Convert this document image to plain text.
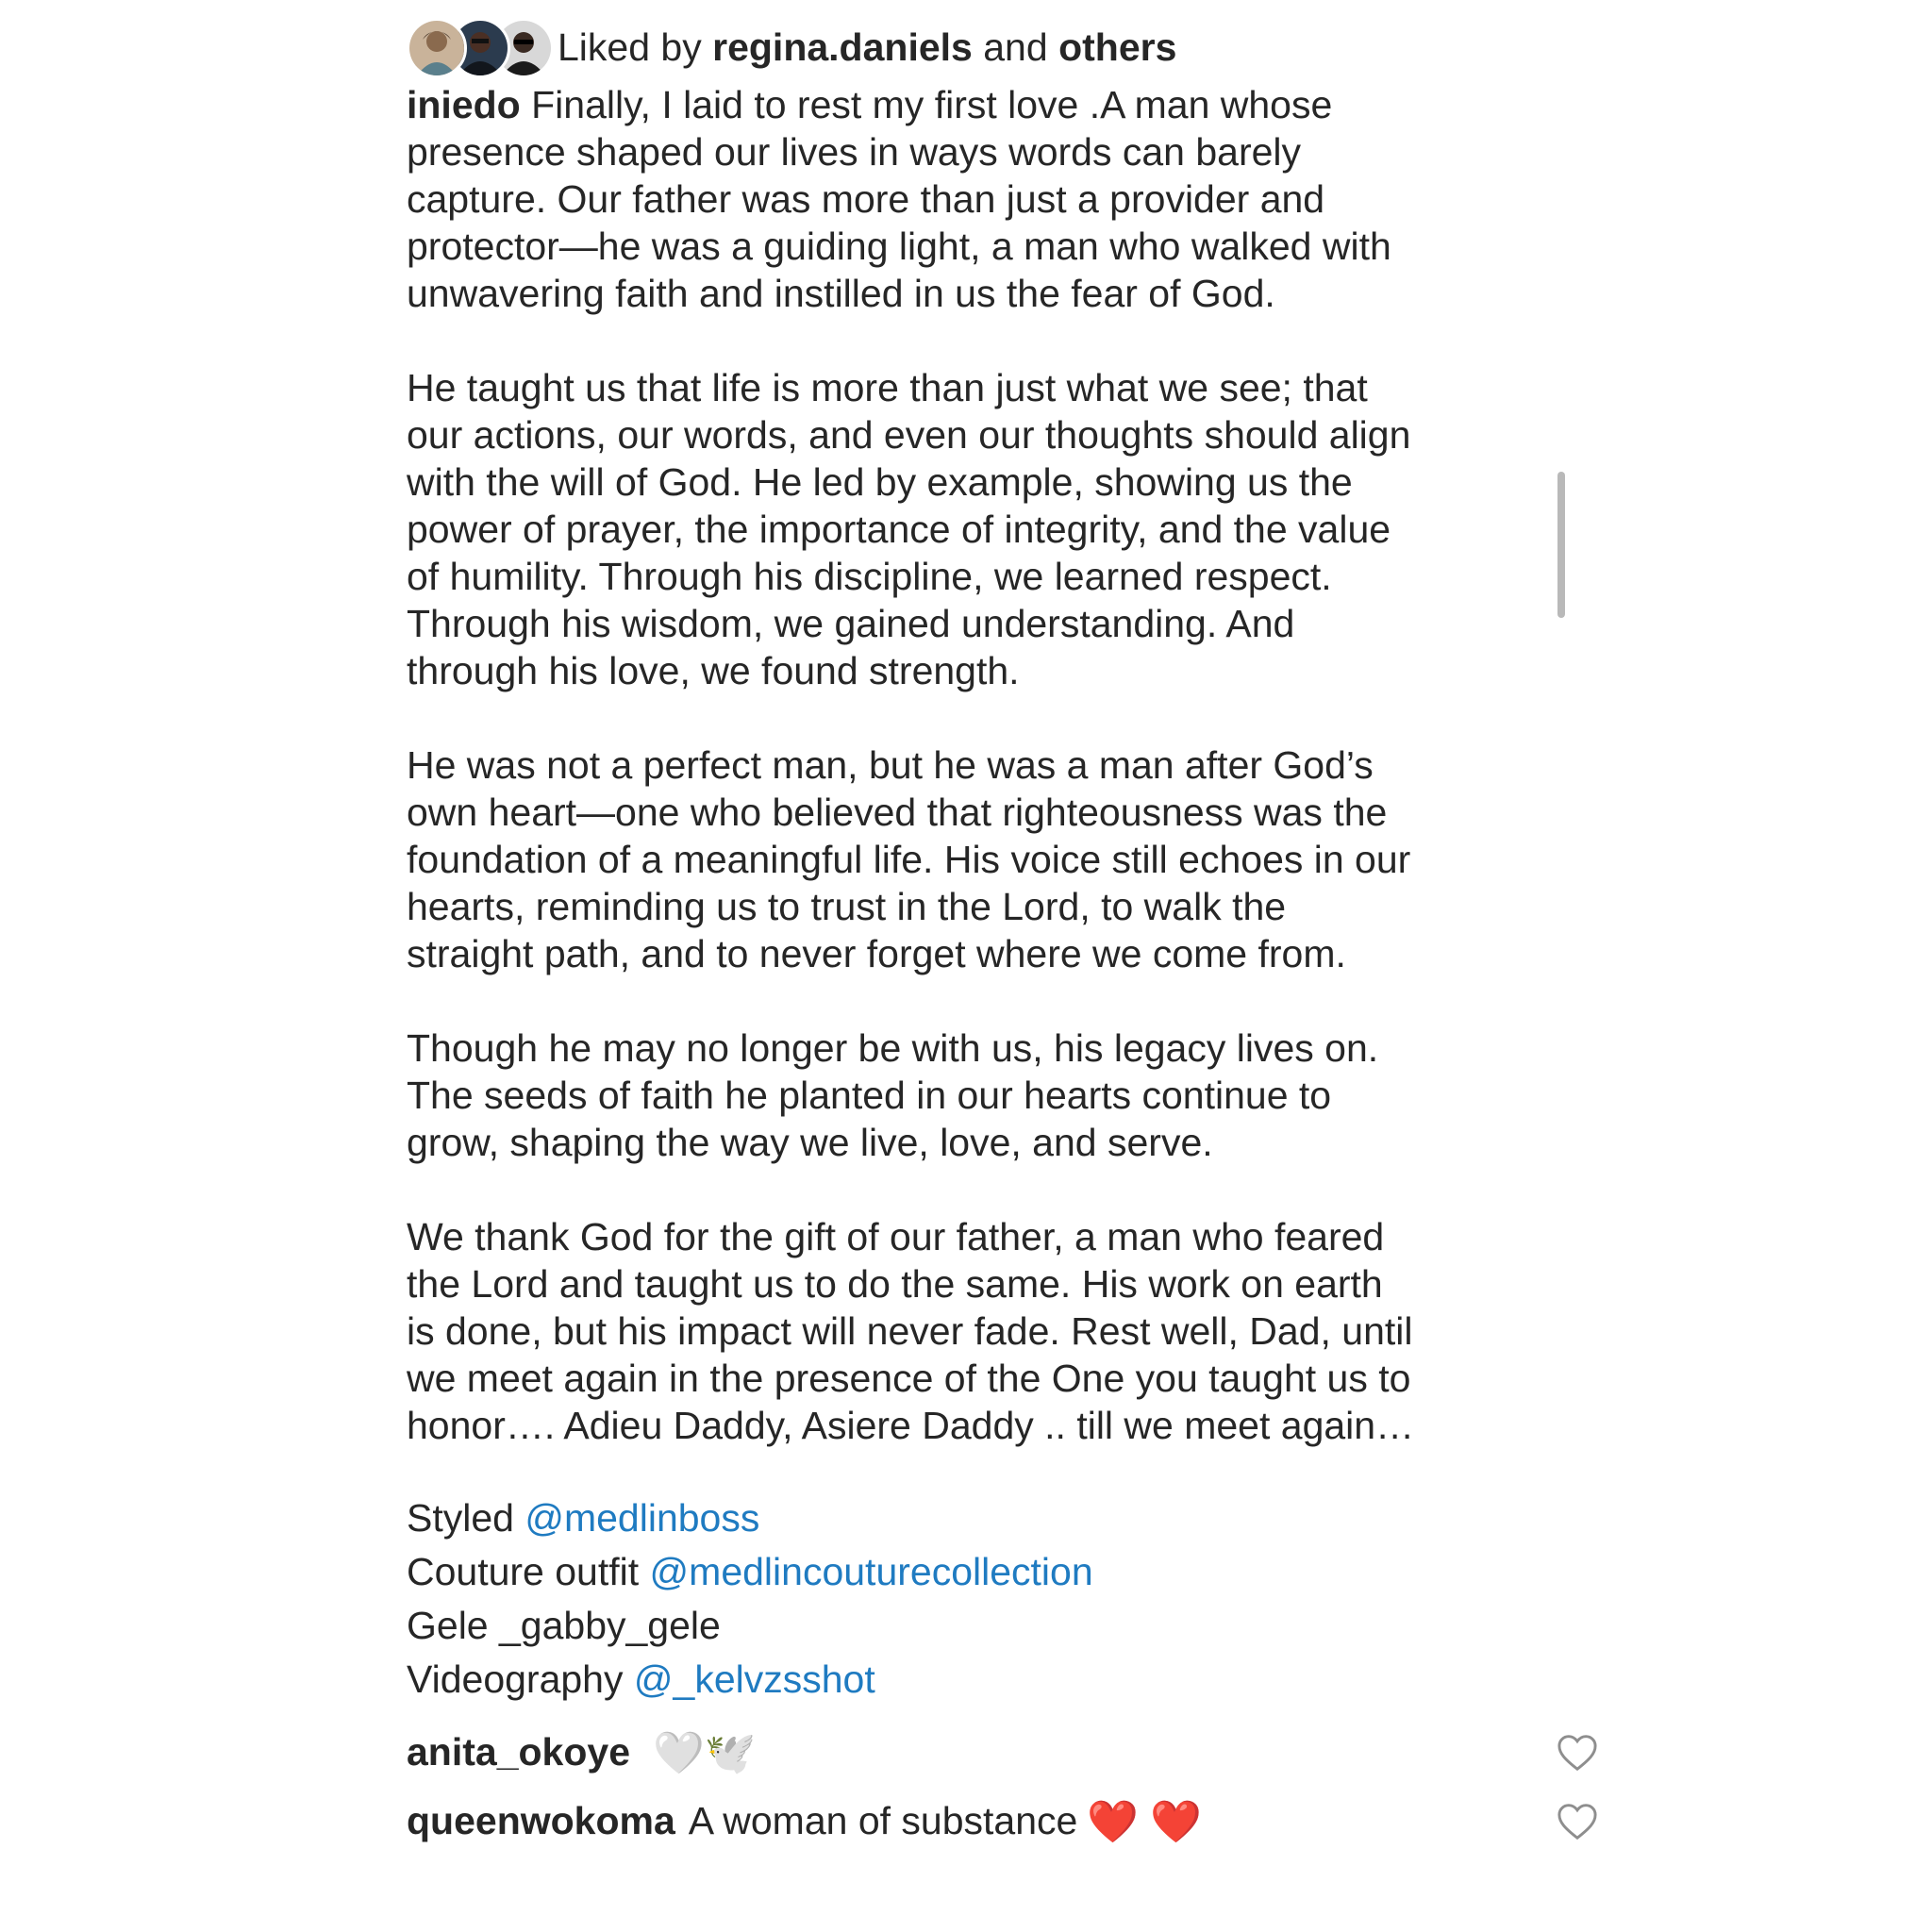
Liked by
regina.daniels
and
others

iniedo Finally, I laid to rest my first love .A man whose
presence shaped our lives in ways words can barely
capture. Our father was more than just a provider and
protector—he was a guiding light, a man who walked with
unwavering faith and instilled in us the fear of God.

He taught us that life is more than just what we see; that
our actions, our words, and even our thoughts should align
with the will of God. He led by example, showing us the
power of prayer, the importance of integrity, and the value
of humility. Through his discipline, we learned respect.
Through his wisdom, we gained understanding. And
through his love, we found strength.

He was not a perfect man, but he was a man after God’s
own heart—one who believed that righteousness was the
foundation of a meaningful life. His voice still echoes in our
hearts, reminding us to trust in the Lord, to walk the
straight path, and to never forget where we come from.

Though he may no longer be with us, his legacy lives on.
The seeds of faith he planted in our hearts continue to
grow, shaping the way we live, love, and serve.

We thank God for the gift of our father, a man who feared
the Lord and taught us to do the same. His work on earth
is done, but his impact will never fade. Rest well, Dad, until
we meet again in the presence of the One you taught us to
honor…. Adieu Daddy, Asiere Daddy .. till we meet again…

Styled @medlinboss
Couture outfit @medlincouturecollection
Gele _gabby_gele
Videography @_kelvzsshot
anita_okoye 🤍🕊️
queenwokoma A woman of substance ❤️ ❤️
